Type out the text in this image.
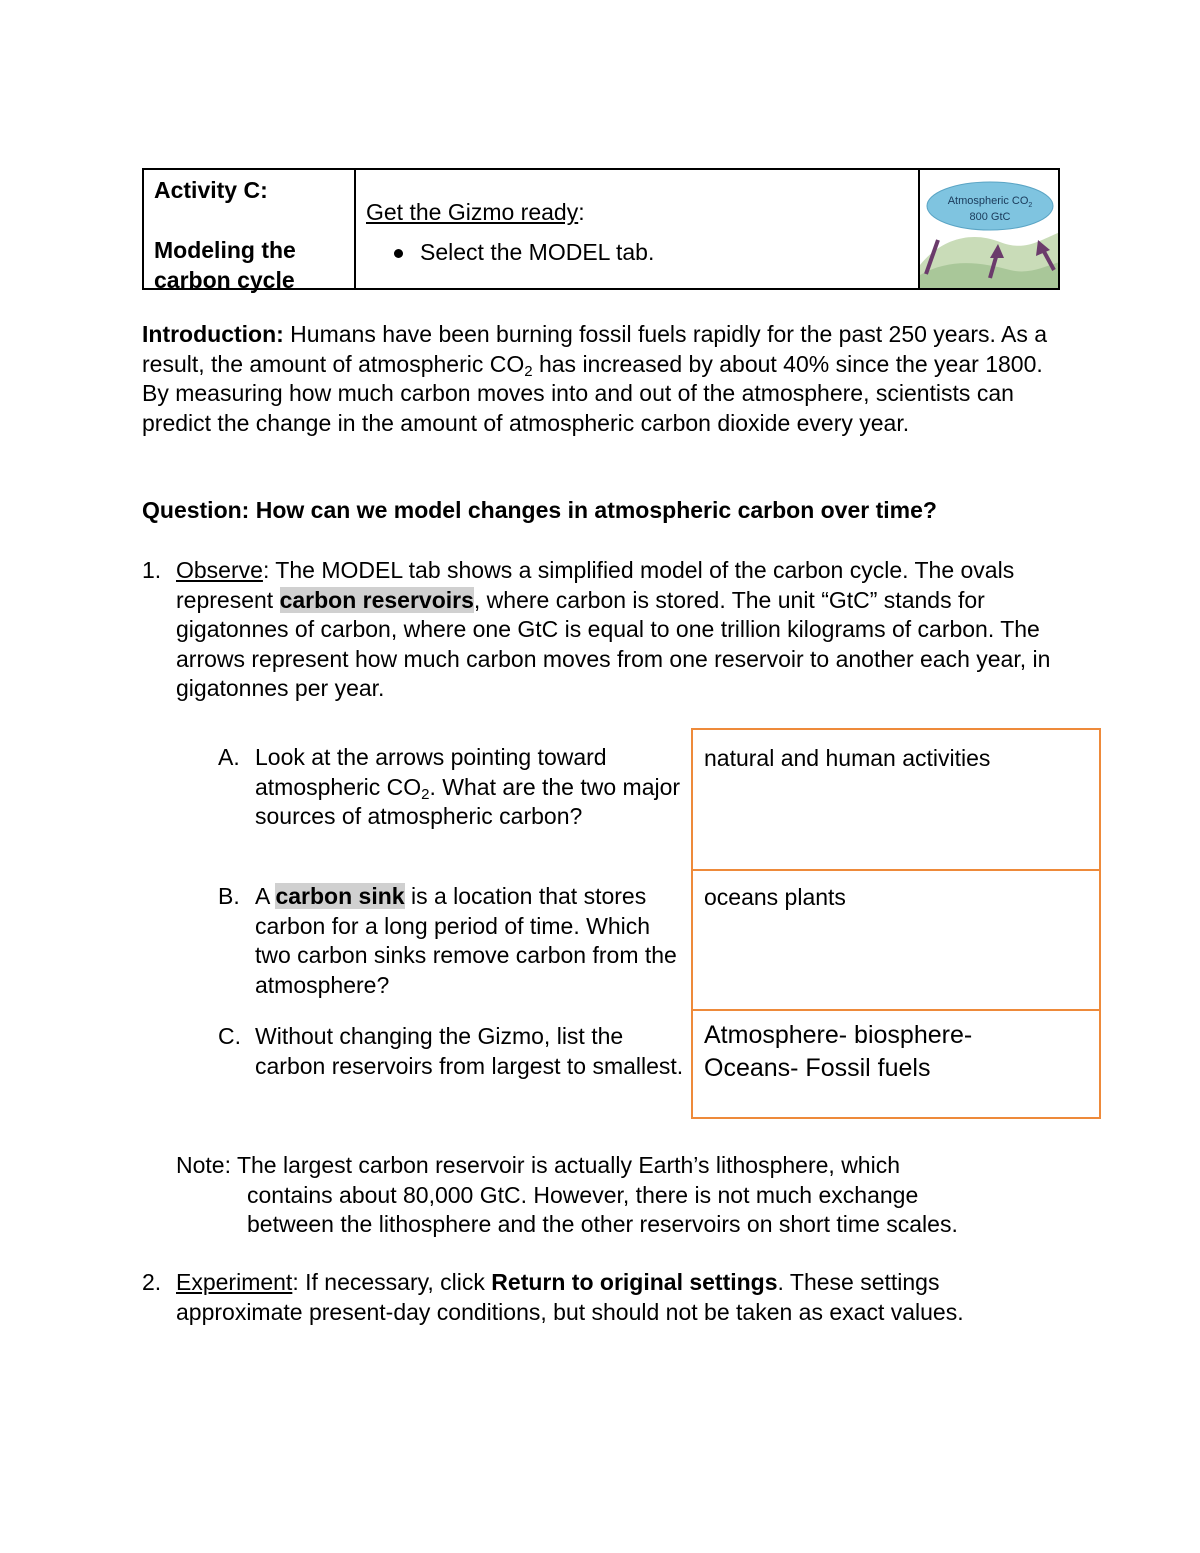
Activity C:
Modeling the
carbon cycle
Get the Gizmo ready:
Select the MODEL tab.
Atmospheric $CO_2$
800 GtC
Introduction: Humans have been burning fossil fuels rapidly for the past 250 years. As a result, the amount of atmospheric $CO_2$ has increased by about 40% since the year 1800. By measuring how much carbon moves into and out of the atmosphere, scientists can predict the change in the amount of atmospheric carbon dioxide every year.
Question: How can we model changes in atmospheric carbon over time?
1. Observe: The MODEL tab shows a simplified model of the carbon cycle. The ovals represent carbon reservoirs, where carbon is stored. The unit “GtC” stands for gigatonnes of carbon, where one GtC is equal to one trillion kilograms of carbon. The arrows represent how much carbon moves from one reservoir to another each year, in gigatonnes per year.
A. Look at the arrows pointing toward atmospheric $CO_2$. What are the two major sources of atmospheric carbon?
B. A carbon sink is a location that stores carbon for a long period of time. Which two carbon sinks remove carbon from the atmosphere?
C. Without changing the Gizmo, list the carbon reservoirs from largest to smallest.
natural and human activities
oceans plants
Atmosphere- biosphere-
Oceans- Fossil fuels
Note: The largest carbon reservoir is actually Earth’s lithosphere, which
contains about 80,000 GtC. However, there is not much exchange
between the lithosphere and the other reservoirs on short time scales.
2. Experiment: If necessary, click Return to original settings. These settings approximate present-day conditions, but should not be taken as exact values.
